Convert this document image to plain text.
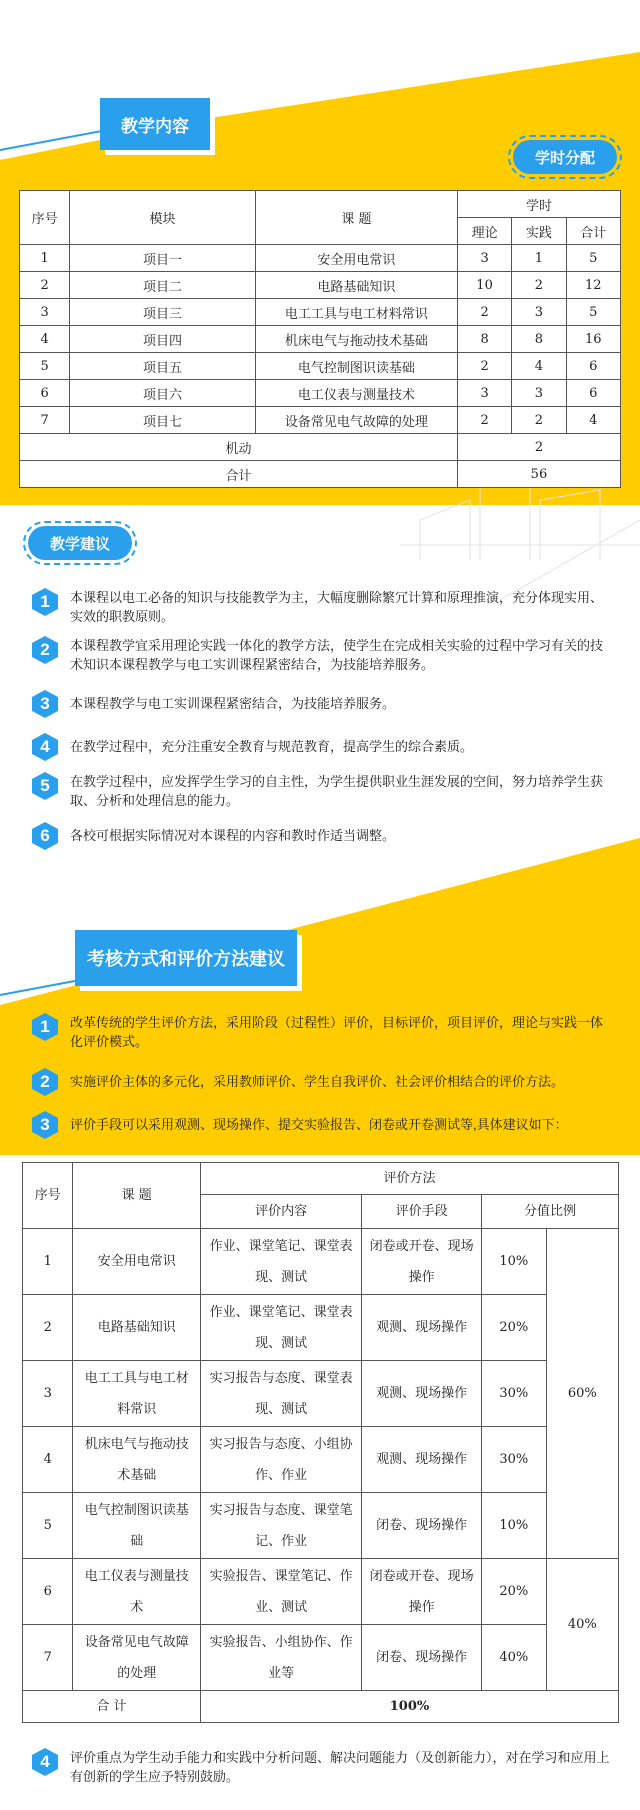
教学内容
学时分配
序号	模块	课 题	学时		
			理论	实践	合计
1	项目一	安全用电常识	3	1	5
2	项目二	电路基础知识	10	2	12
3	项目三	电工工具与电工材料常识	2	3	5
4	项目四	机床电气与拖动技术基础	8	8	16
5	项目五	电气控制图识读基础	2	4	6
6	项目六	电工仪表与测量技术	3	3	6
7	项目七	设备常见电气故障的处理	2	2	4
机动			2		
合计			56		
教学建议
1	本课程以电工必备的知识与技能教学为主，大幅度删除繁冗计算和原理推演，充分体现实用、实效的职教原则。
2	本课程教学宜采用理论实践一体化的教学方法，使学生在完成相关实验的过程中学习有关的技术知识本课程教学与电工实训课程紧密结合，为技能培养服务。
3	本课程教学与电工实训课程紧密结合，为技能培养服务。
4	在教学过程中，充分注重安全教育与规范教育，提高学生的综合素质。
5	在教学过程中，应发挥学生学习的自主性，为学生提供职业生涯发展的空间，努力培养学生获取、分析和处理信息的能力。
6	各校可根据实际情况对本课程的内容和教时作适当调整。
考核方式和评价方法建议
1	改革传统的学生评价方法，采用阶段（过程性）评价，目标评价，项目评价，理论与实践一体化评价模式。
2	实施评价主体的多元化，采用教师评价、学生自我评价、社会评价相结合的评价方法。
3	评价手段可以采用观测、现场操作、提交实验报告、闭卷或开卷测试等,具体建议如下：
序号	课 题	评价方法			
		评价内容	评价手段	分值比例	
1	安全用电常识	作业、课堂笔记、课堂表现、测试	闭卷或开卷、现场操作	10%	60%
2	电路基础知识	作业、课堂笔记、课堂表现、测试	观测、现场操作	20%	
3	电工工具与电工材料常识	实习报告与态度、课堂表现、测试	观测、现场操作	30%	
4	机床电气与拖动技术基础	实习报告与态度、小组协作、作业	观测、现场操作	30%	
5	电气控制图识读基础	实习报告与态度、课堂笔记、作业	闭卷、现场操作	10%	
6	电工仪表与测量技术	实验报告、课堂笔记、作业、测试	闭卷或开卷、现场操作	20%	40%
7	设备常见电气故障的处理	实验报告、小组协作、作业等	闭卷、现场操作	40%	
合 计		100%			
4	评价重点为学生动手能力和实践中分析问题、解决问题能力（及创新能力），对在学习和应用上有创新的学生应予特别鼓励。
